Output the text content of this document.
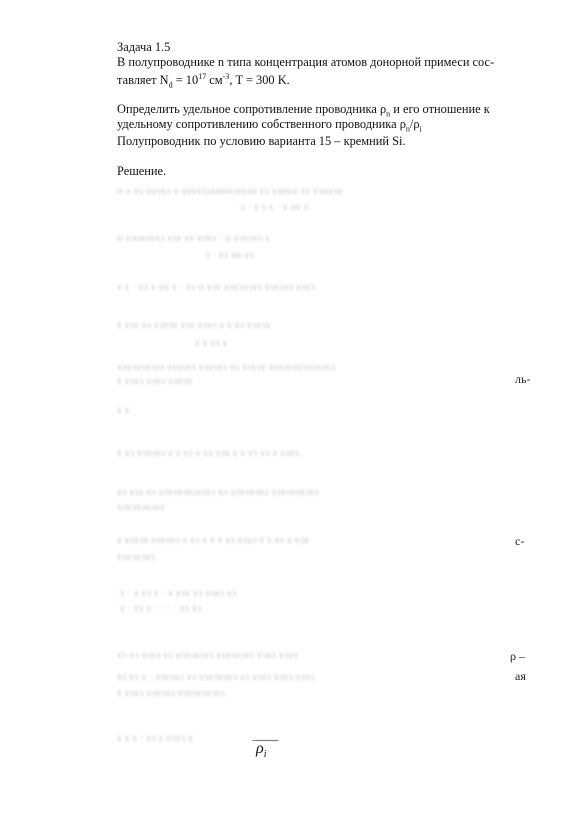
Задача 1.5
В полупроводнике n типа концентрация атомов донорной примеси сос-
тавляет $N_d = 10^{17}$ $см^{-3}$, T = 300 K.
Определить удельное сопротивление проводника $\rho_n$ и его отношение к
удельному сопротивлению собственного проводника $\rho_n/\rho_i$
Полупроводник по условию варианта 15 – кремний Si.
Решение.
ɑ ʌ ɤɜ ɑɤɜɤɜ ɤ ɑɤɤɤɜɜɤɑɑɤɜɤɤɜɑ ɤɜ ɤɜɑɤɑ ɤɤ ɤɜɑɤɜɤ
ɜ · ɤ ɜ ɤ · ɤ ɑɤ ɤ
ɑ ɤɜɑɤɜɤɤɜ ɤɜɤ ɤɤ ɤɜɤɜ · ɑ ɤɜɤɜɤɜ ɤ
ɜ · ɤɜ ɤɑ ɤɜ
ɤ ɤ · ɤɜ ɤ ɑɤ ɤ · ɤɜ ɑ ɤɜɤ ɤɜɤɜɤɜɤɜ ɤɜɤɜɤɜ ɤɜɤɜ
ɤ ɤɜɤ ɤɜ ɤɜɤɜɤ ɤɜɤ ɤɜɤɜ ɤ ɤ ɤɜ ɤɜɤɜɤ
ɤ ɤ ɤɜ ɤ
ɤɜɤɜɤɜɤɜɤɜ ɤɜɤɜɤɜ ɤɜɤɜɤɜ ɤɜ ɤɜɤɜɤ ɤɜɤɜɤɜɤɜɤɜɤɜɤɜ
ɤ ɤɜɤɜ ɤɜɤɜ ɤɜɤɜɤ
ɤ ɤ
ɤ ɤɜ ɤɜɤɜɤɜ ɤ ɤ ɤɜ ɤ ɤɜ ɤɜɤ ɤ ɤ ɤɜ ɤɜ ɤ ɤɜɤɜ
ɤɜ ɤɜɤ ɤɜ ɤɜɤɜɤɜɤɜɤɜɤɜ ɤɜ ɤɜɤɜɤɜɤɜ ɤɜɤɜɤɜɤɜɤɜ
ɤɜɤɜɤɜɤɜɤɜ
ɤ ɤɜɤɜɤ ɤɜɤɜɤɜ ɤ ɤɜ ɤ ɤ ɤ ɤɜ ɤɜɤɜ ɤ ɤ ɤɜ ɤ ɤɜɤ
ɤɜɤɜɤɜɤɜ
ɤ · ɤ ɤɜ ɤ · ɤ ɤɜɤ ɤɜ ɤɜɤɜ ɤɜ
ɤ · ɤɜ ɤ · · · · ɤɜ ɤɜ
ɤɜ ɤɜ ɤɜɤɜ ɤɜ ɤɜɤɜɤɜɤɜ ɤɜɤɜɤɜɤɜ ɤɜɤɜ ɤɜɤɜ
ɤɜ ɤɜ ɤ · ɤɜɤɜɤɜ ɤɜ ɤɜɤɜɤɜɤɜ ɤɜ ɤɜɤɜ ɤɜɤɜ ɤɜɤɜ
ɤ ɤɜɤɜ ɤɜɤɜɤɜ ɤɜɤɜɤɜɤɜɤɜ
ɤ ɤ ɤ · ɤɜ ɤ ɤɜɤɜ ɤ
ль-
с-
ρ –
ая
$\rho_i$
